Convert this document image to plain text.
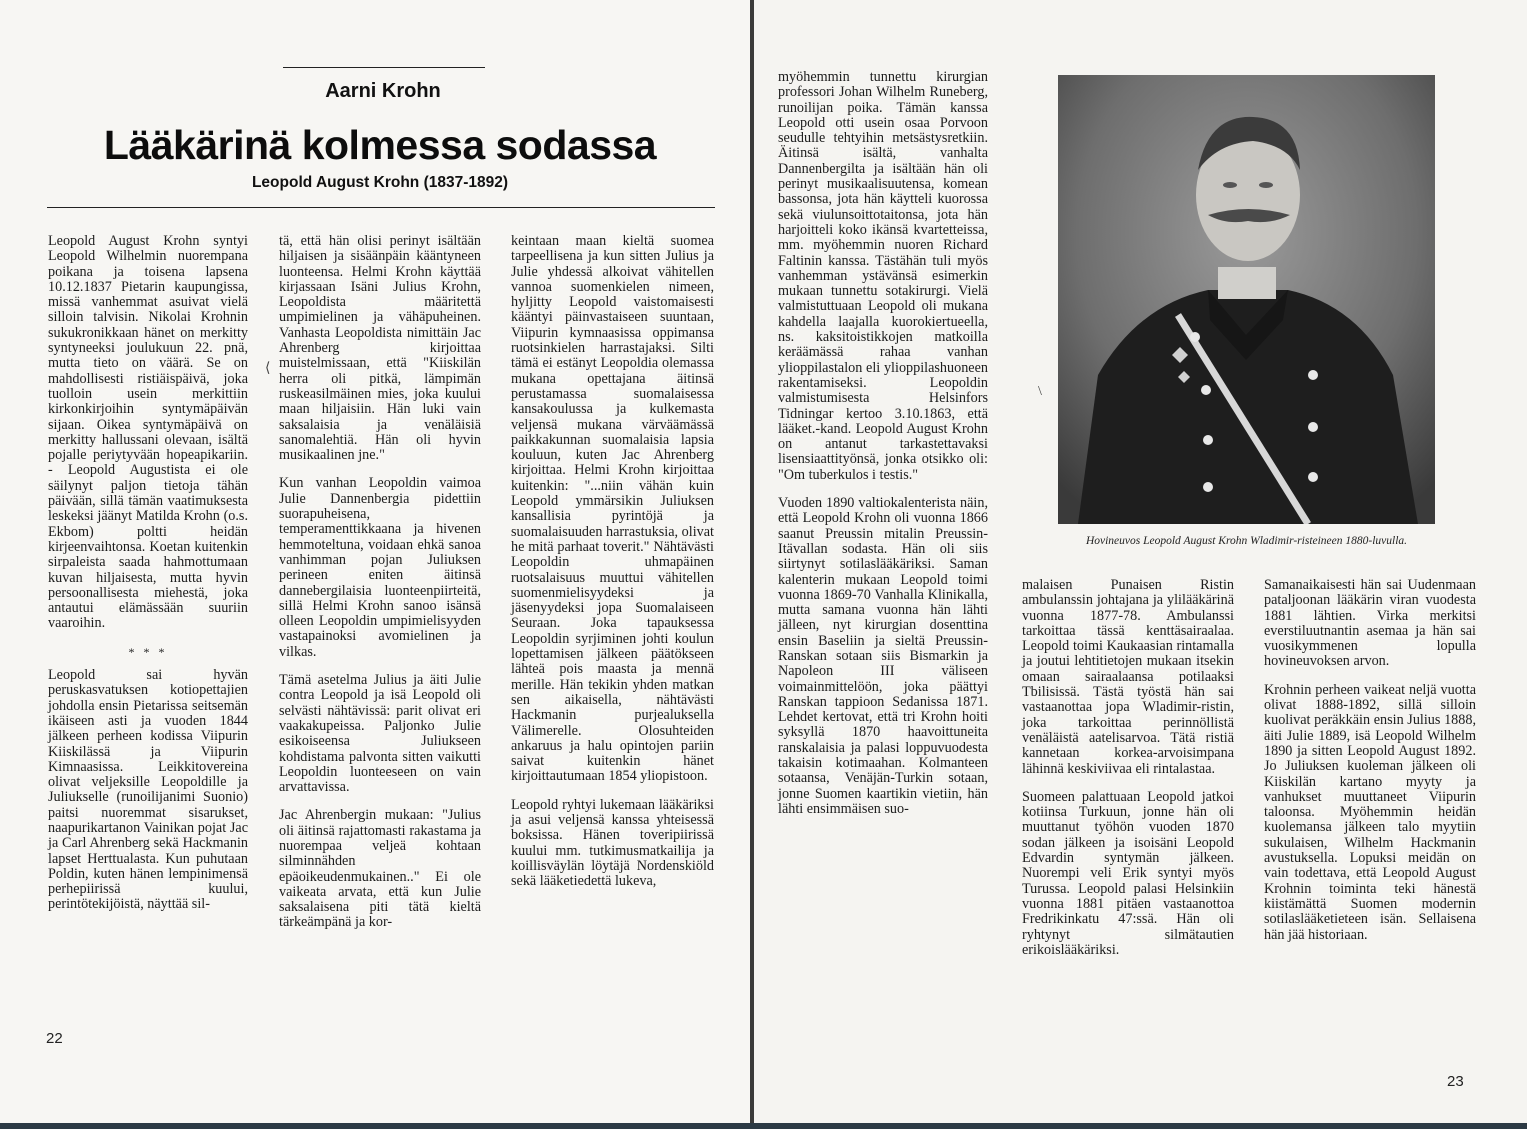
Aarni Krohn
Lääkärinä kolmessa sodassa
Leopold August Krohn (1837-1892)

Leopold August Krohn syntyi Leopold Wilhelmin nuorempana poikana ja toisena lapsena 10.12.1837 Pietarin kaupungissa, missä vanhemmat asuivat vielä silloin talvisin. Nikolai Krohnin sukukronikkaan hänet on merkitty syntyneeksi joulukuun 22. pnä, mutta tieto on väärä. Se on mahdollisesti ristiäispäivä, joka tuolloin usein merkittiin kirkonkirjoihin syntymäpäivän sijaan. Oikea syntymäpäivä on merkitty hallussani olevaan, isältä pojalle periytyvään hopeapikariin. - Leopold Augustista ei ole säilynyt paljon tietoja tähän päivään, sillä tämän vaatimuksesta leskeksi jäänyt Matilda Krohn (o.s. Ekbom) poltti heidän kirjeenvaihtonsa. Koetan kuitenkin sirpaleista saada hahmottumaan kuvan hiljaisesta, mutta hyvin persoonallisesta miehestä, joka antautui elämässään suuriin vaaroihin.

* * *

Leopold sai hyvän peruskasvatuksen kotiopettajien johdolla ensin Pietarissa seitsemän ikäiseen asti ja vuoden 1844 jälkeen perheen kodissa Viipurin Kiiskilässä ja Viipurin Kimnaasissa. Leikkitovereina olivat veljeksille Leopoldille ja Juliukselle (runoilijanimi Suonio) paitsi nuoremmat sisarukset, naapurikartanon Vainikan pojat Jac ja Carl Ahrenberg sekä Hackmanin lapset Herttualasta. Kun puhutaan Poldin, kuten hänen lempinimensä perhepiirissä kuului, perintötekijöistä, näyttää sil-

tä, että hän olisi perinyt isältään hiljaisen ja sisäänpäin kääntyneen luonteensa. Helmi Krohn käyttää kirjassaan Isäni Julius Krohn, Leopoldista määritettä umpimielinen ja vähäpuheinen. Vanhasta Leopoldista nimittäin Jac Ahrenberg kirjoittaa muistelmissaan, että "Kiiskilän herra oli pitkä, lämpimän ruskeasilmäinen mies, joka kuului maan hiljaisiin. Hän luki vain saksalaisia ja venäläisiä sanomalehtiä. Hän oli hyvin musikaalinen jne."

Kun vanhan Leopoldin vaimoa Julie Dannenbergia pidettiin suorapuheisena, temperamenttikkaana ja hivenen hemmoteltuna, voidaan ehkä sanoa vanhimman pojan Juliuksen perineen eniten äitinsä dannebergilaisia luonteenpiirteitä, sillä Helmi Krohn sanoo isänsä olleen Leopoldin umpimielisyyden vastapainoksi avomielinen ja vilkas.

Tämä asetelma Julius ja äiti Julie contra Leopold ja isä Leopold oli selvästi nähtävissä: parit olivat eri vaakakupeissa. Paljonko Julie esikoiseensa Juliukseen kohdistama palvonta sitten vaikutti Leopoldin luonteeseen on vain arvattavissa.

Jac Ahrenbergin mukaan: "Julius oli äitinsä rajattomasti rakastama ja nuorempaa veljeä kohtaan silminnähden epäoikeudenmukainen.." Ei ole vaikeata arvata, että kun Julie saksalaisena piti tätä kieltä tärkeämpänä ja kor-

keintaan maan kieltä suomea tarpeellisena ja kun sitten Julius ja Julie yhdessä alkoivat vähitellen vannoa suomenkielen nimeen, hyljitty Leopold vaistomaisesti kääntyi päinvastaiseen suuntaan, Viipurin kymnaasissa oppimansa ruotsinkielen harrastajaksi. Silti tämä ei estänyt Leopoldia olemassa mukana opettajana äitinsä perustamassa suomalaisessa kansakoulussa ja kulkemasta veljensä mukana värväämässä paikkakunnan suomalaisia lapsia kouluun, kuten Jac Ahrenberg kirjoittaa. Helmi Krohn kirjoittaa kuitenkin: "...niin vähän kuin Leopold ymmärsikin Juliuksen kansallisia pyrintöjä ja suomalaisuuden harrastuksia, olivat he mitä parhaat toverit." Nähtävästi Leopoldin uhmapäinen ruotsalaisuus muuttui vähitellen suomenmielisyydeksi ja jäsenyydeksi jopa Suomalaiseen Seuraan. Joka tapauksessa Leopoldin syrjiminen johti koulun lopettamisen jälkeen päätökseen lähteä pois maasta ja mennä merille. Hän tekikin yhden matkan sen aikaisella, nähtävästi Hackmanin purjealuksella Välimerelle. Olosuhteiden ankaruus ja halu opintojen pariin saivat kuitenkin hänet kirjoittautumaan 1854 yliopistoon.

Leopold ryhtyi lukemaan lääkäriksi ja asui veljensä kanssa yhteisessä boksissa. Hänen toveripiirissä kuului mm. tutkimusmatkailija ja koillisväylän löytäjä Nordenskiöld sekä lääketiedettä lukeva,

22
⟨

myöhemmin tunnettu kirurgian professori Johan Wilhelm Runeberg, runoilijan poika. Tämän kanssa Leopold otti usein osaa Porvoon seudulle tehtyihin metsästysretkiin. Äitinsä isältä, vanhalta Dannenbergilta ja isältään hän oli perinyt musikaalisuutensa, komean bassonsa, jota hän käytteli kuorossa sekä viulunsoittotaitonsa, jota hän harjoitteli koko ikänsä kvartetteissa, mm. myöhemmin nuoren Richard Faltinin kanssa. Tästähän tuli myös vanhemman ystävänsä esimerkin mukaan tunnettu sotakirurgi. Vielä valmistuttuaan Leopold oli mukana kahdella laajalla kuorokiertueella, ns. kaksitoistikkojen matkoilla keräämässä rahaa vanhan ylioppilastalon eli ylioppilashuoneen rakentamiseksi. Leopoldin valmistumisesta Helsinfors Tidningar kertoo 3.10.1863, että lääket.-kand. Leopold August Krohn on antanut tarkastettavaksi lisensiaattityönsä, jonka otsikko oli: "Om tuberkulos i testis."

Vuoden 1890 valtiokalenterista näin, että Leopold Krohn oli vuonna 1866 saanut Preussin mitalin Preussin-Itävallan sodasta. Hän oli siis siirtynyt sotilaslääkäriksi. Saman kalenterin mukaan Leopold toimi vuonna 1869-70 Vanhalla Klinikalla, mutta samana vuonna hän lähti jälleen, nyt kirurgian dosenttina ensin Baseliin ja sieltä Preussin-Ranskan sotaan siis Bismarkin ja Napoleon III väliseen voimainmittelöön, joka päättyi Ranskan tappioon Sedanissa 1871. Lehdet kertovat, että tri Krohn hoiti syksyllä 1870 haavoittuneita ranskalaisia ja palasi loppuvuodesta takaisin kotimaahan. Kolmanteen sotaansa, Venäjän-Turkin sotaan, jonne Suomen kaartikin vietiin, hän lähti ensimmäisen suo-

Hovineuvos Leopold August Krohn Wladimir-risteineen 1880-luvulla.

malaisen Punaisen Ristin ambulanssin johtajana ja ylilääkärinä vuonna 1877-78. Ambulanssi tarkoittaa tässä kenttäsairaalaa. Leopold toimi Kaukaasian rintamalla ja joutui lehtitietojen mukaan itsekin omaan sairaalaansa potilaaksi Tbilisissä. Tästä työstä hän sai vastaanottaa jopa Wladimir-ristin, joka tarkoittaa perinnöllistä venäläistä aatelisarvoa. Tätä ristiä kannetaan korkea-arvoisimpana lähinnä keskiviivaa eli rintalastaa.

Suomeen palattuaan Leopold jatkoi kotiinsa Turkuun, jonne hän oli muuttanut työhön vuoden 1870 sodan jälkeen ja isoisäni Leopold Edvardin syntymän jälkeen. Nuorempi veli Erik syntyi myös Turussa. Leopold palasi Helsinkiin vuonna 1881 pitäen vastaanottoa Fredrikinkatu 47:ssä. Hän oli ryhtynyt silmätautien erikoislääkäriksi.

Samanaikaisesti hän sai Uudenmaan pataljoonan lääkärin viran vuodesta 1881 lähtien. Virka merkitsi everstiluutnantin asemaa ja hän sai vuosikymmenen lopulla hovineuvoksen arvon.

Krohnin perheen vaikeat neljä vuotta olivat 1888-1892, sillä silloin kuolivat peräkkäin ensin Julius 1888, äiti Julie 1889, isä Leopold Wilhelm 1890 ja sitten Leopold August 1892. Jo Juliuksen kuoleman jälkeen oli Kiiskilän kartano myyty ja vanhukset muuttaneet Viipurin taloonsa. Myöhemmin heidän kuolemansa jälkeen talo myytiin sukulaisen, Wilhelm Hackmanin avustuksella. Lopuksi meidän on vain todettava, että Leopold August Krohnin toiminta teki hänestä kiistämättä Suomen modernin sotilaslääketieteen isän. Sellaisena hän jää historiaan.

23
\
